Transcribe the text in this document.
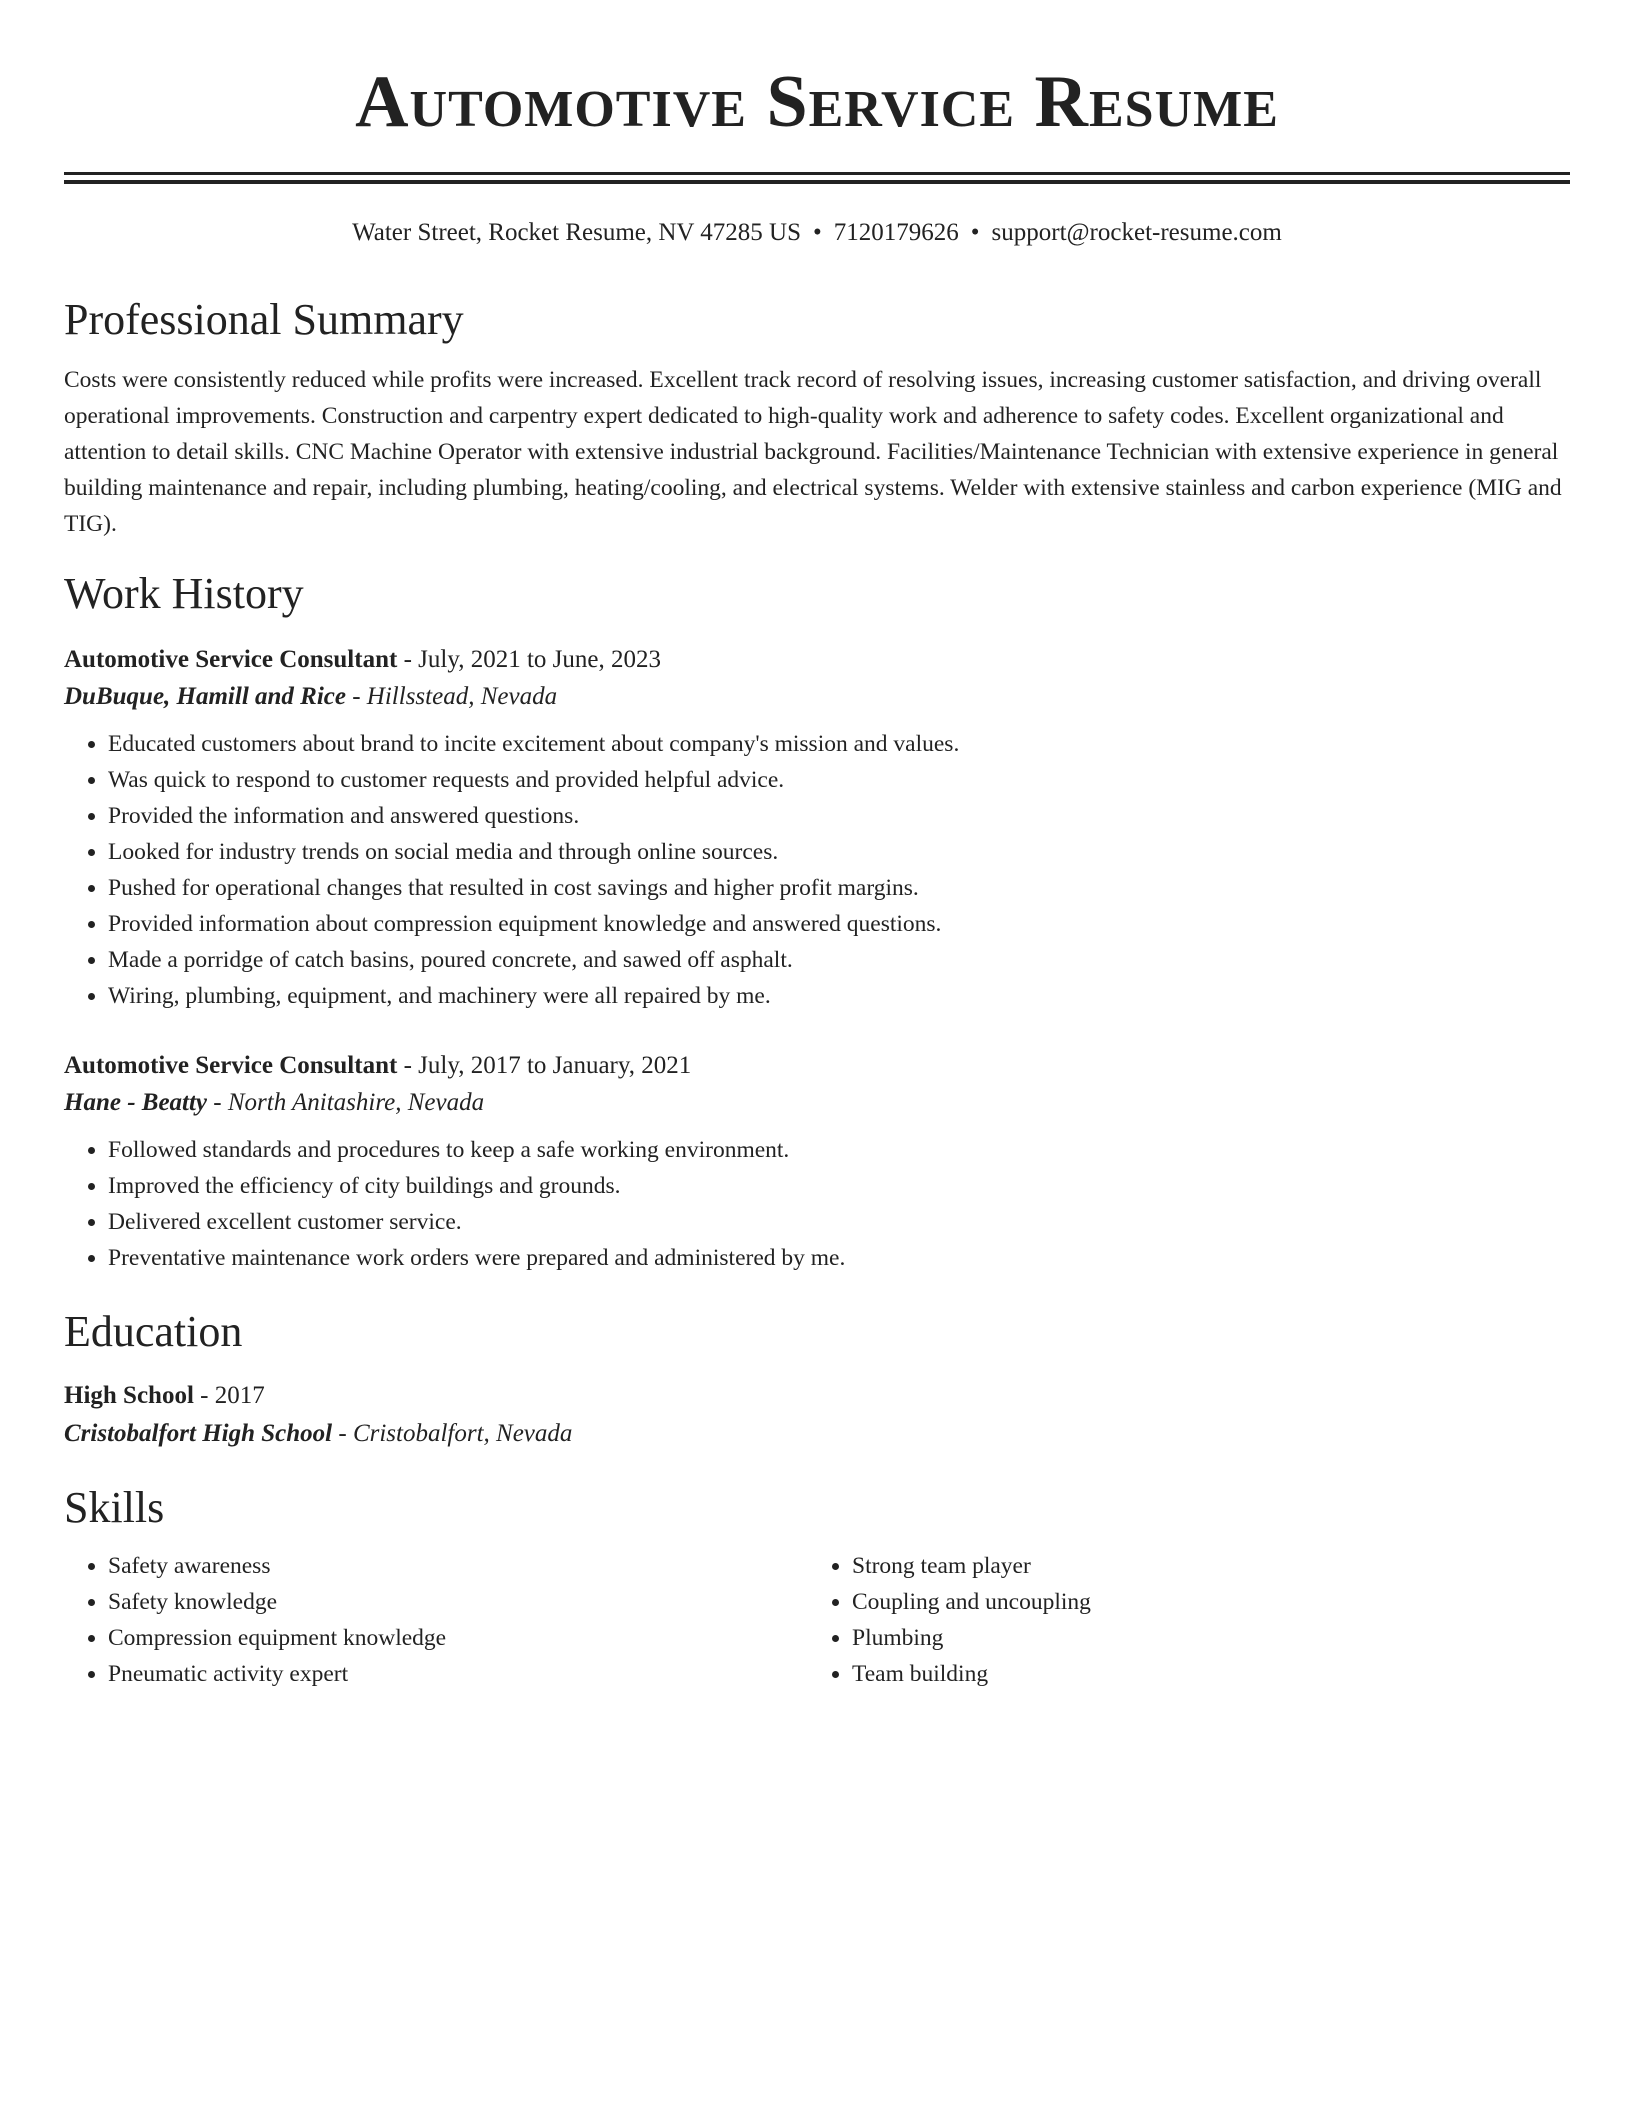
Automotive Service Resume
Water Street, Rocket Resume, NV 47285 US • 7120179626 • support@rocket-resume.com
Professional Summary
Costs were consistently reduced while profits were increased. Excellent track record of resolving issues, increasing customer satisfaction, and driving overall operational improvements. Construction and carpentry expert dedicated to high-quality work and adherence to safety codes. Excellent organizational and attention to detail skills. CNC Machine Operator with extensive industrial background. Facilities/Maintenance Technician with extensive experience in general building maintenance and repair, including plumbing, heating/cooling, and electrical systems. Welder with extensive stainless and carbon experience (MIG and TIG).
Work History
Automotive Service Consultant - July, 2021 to June, 2023
DuBuque, Hamill and Rice - Hillsstead, Nevada
• Educated customers about brand to incite excitement about company's mission and values.
• Was quick to respond to customer requests and provided helpful advice.
• Provided the information and answered questions.
• Looked for industry trends on social media and through online sources.
• Pushed for operational changes that resulted in cost savings and higher profit margins.
• Provided information about compression equipment knowledge and answered questions.
• Made a porridge of catch basins, poured concrete, and sawed off asphalt.
• Wiring, plumbing, equipment, and machinery were all repaired by me.
Automotive Service Consultant - July, 2017 to January, 2021
Hane - Beatty - North Anitashire, Nevada
• Followed standards and procedures to keep a safe working environment.
• Improved the efficiency of city buildings and grounds.
• Delivered excellent customer service.
• Preventative maintenance work orders were prepared and administered by me.
Education
High School - 2017
Cristobalfort High School - Cristobalfort, Nevada
Skills
• Safety awareness
• Safety knowledge
• Compression equipment knowledge
• Pneumatic activity expert
• Strong team player
• Coupling and uncoupling
• Plumbing
• Team building
